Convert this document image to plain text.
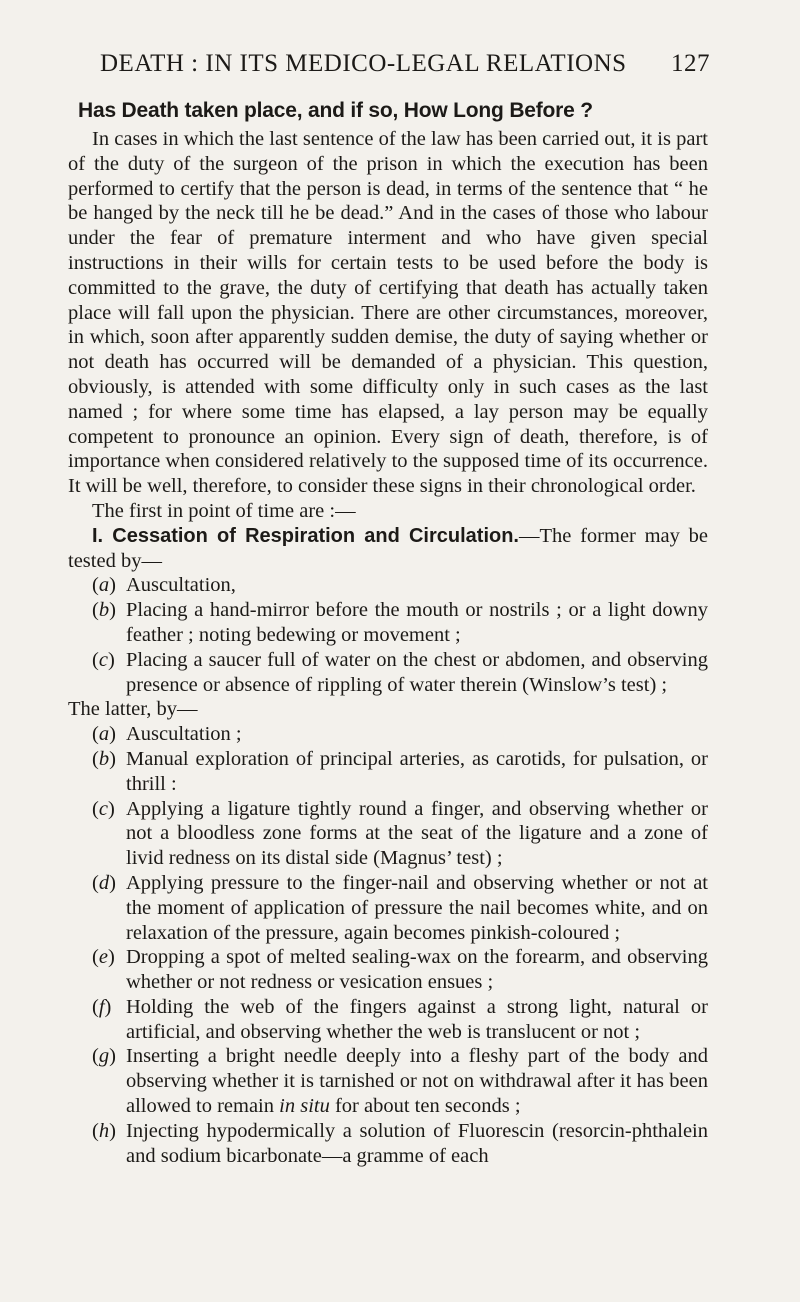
DEATH : IN ITS MEDICO-LEGAL RELATIONS 127
Has Death taken place, and if so, How Long Before ?

In cases in which the last sentence of the law has been carried out, it is part of the duty of the surgeon of the prison in which the execution has been performed to certify that the person is dead, in terms of the sentence that “ he be hanged by the neck till he be dead.” And in the cases of those who labour under the fear of premature interment and who have given special instructions in their wills for certain tests to be used before the body is committed to the grave, the duty of certifying that death has actually taken place will fall upon the physician. There are other circumstances, moreover, in which, soon after apparently sudden demise, the duty of saying whether or not death has occurred will be demanded of a physician. This question, obviously, is attended with some difficulty only in such cases as the last named ; for where some time has elapsed, a lay person may be equally competent to pronounce an opinion. Every sign of death, therefore, is of importance when considered relatively to the supposed time of its occurrence. It will be well, therefore, to consider these signs in their chronological order.

The first in point of time are :—

I. Cessation of Respiration and Circulation.—The former may be tested by—

(a) Auscultation,
(b) Placing a hand-mirror before the mouth or nostrils ; or a light downy feather ; noting bedewing or movement ;
(c) Placing a saucer full of water on the chest or abdomen, and observing presence or absence of rippling of water therein (Winslow’s test) ;

The latter, by—

(a) Auscultation ;
(b) Manual exploration of principal arteries, as carotids, for pulsation, or thrill :
(c) Applying a ligature tightly round a finger, and observing whether or not a bloodless zone forms at the seat of the ligature and a zone of livid redness on its distal side (Magnus’ test) ;
(d) Applying pressure to the finger-nail and observing whether or not at the moment of application of pressure the nail becomes white, and on relaxation of the pressure, again becomes pinkish-coloured ;
(e) Dropping a spot of melted sealing-wax on the forearm, and observing whether or not redness or vesication ensues ;
(f) Holding the web of the fingers against a strong light, natural or artificial, and observing whether the web is translucent or not ;
(g) Inserting a bright needle deeply into a fleshy part of the body and observing whether it is tarnished or not on withdrawal after it has been allowed to remain in situ for about ten seconds ;
(h) Injecting hypodermically a solution of Fluorescin (resorcin-phthalein and sodium bicarbonate—a gramme of each
